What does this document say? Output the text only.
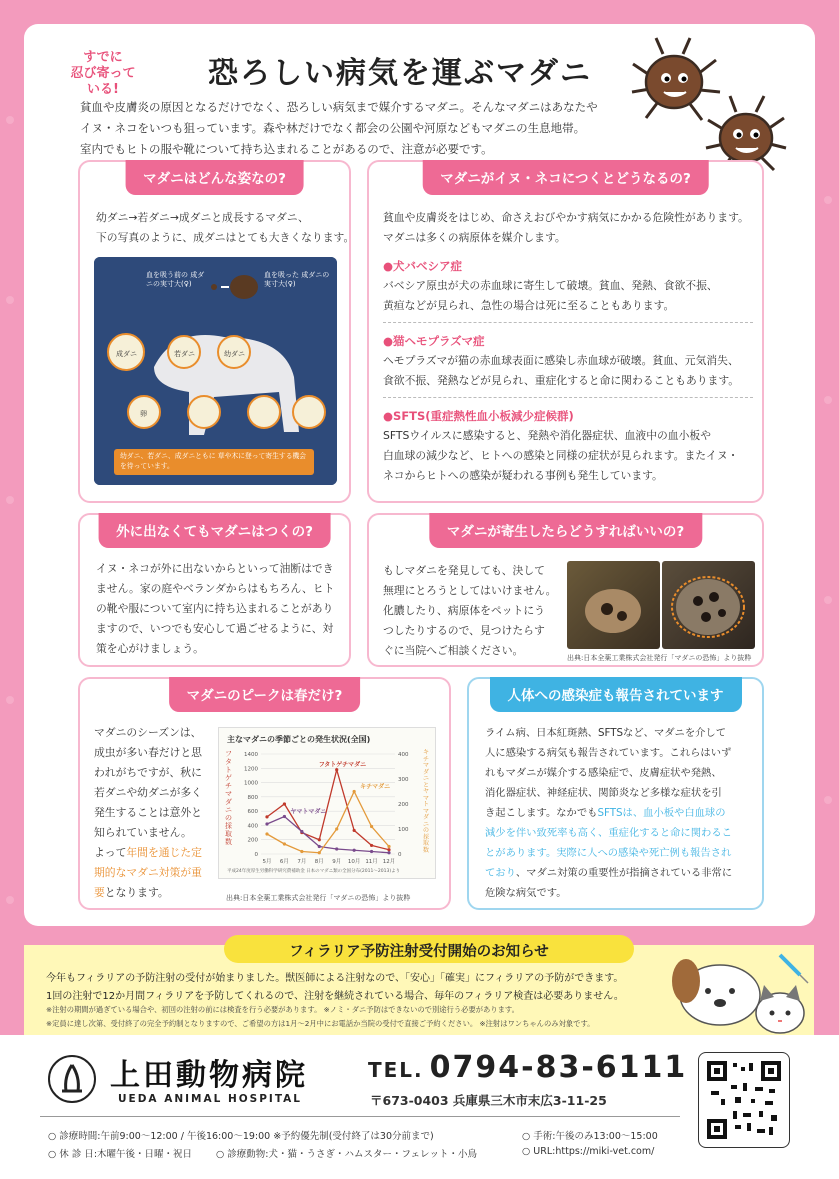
すでに
忍び寄っている!	恐ろしい病気を運ぶマダニ

貧血や皮膚炎の原因となるだけでなく、恐ろしい病気まで媒介するマダニ。そんなマダニはあなたや

イヌ・ネコをいつも狙っています。森や林だけでなく都会の公園や河原などもマダニの生息地帯。

室内でもヒトの服や靴について持ち込まれることがあるので、注意が必要です。

マダニはどんな姿なの?
幼ダニ→若ダニ→成ダニと成長するマダニ、
下の写真のように、成ダニはとても大きくなります。
血を吸う前の 成ダニの実寸大(♀)
血を吸った 成ダニの実寸大(♀)
成ダニ	若ダニ	幼ダニ
卵
幼ダニ、若ダニ、成ダニともに 草や木に登って寄生する機会を待っています。
マダニがイヌ・ネコにつくとどうなるの?
貧血や皮膚炎をはじめ、命さえおびやかす病気にかかる危険性があります。
マダニは多くの病原体を媒介します。
●犬バベシア症
バベシア原虫が犬の赤血球に寄生して破壊。貧血、発熱、食欲不振、
黄疸などが見られ、急性の場合は死に至ることもあります。
●猫ヘモプラズマ症
ヘモプラズマが猫の赤血球表面に感染し赤血球が破壊。貧血、元気消失、
食欲不振、発熱などが見られ、重症化すると命に関わることもあります。
●SFTS(重症熱性血小板減少症候群)
SFTSウイルスに感染すると、発熱や消化器症状、血液中の血小板や
白血球の減少など、ヒトへの感染と同様の症状が見られます。またイヌ・
ネコからヒトへの感染が疑われる事例も発生しています。
外に出なくてもマダニはつくの?
イヌ・ネコが外に出ないからといって油断はでき
ません。家の庭やベランダからはもちろん、ヒト
の靴や服について室内に持ち込まれることがあり
ますので、いつでも安心して過ごせるように、対
策を心がけましょう。
マダニが寄生したらどうすればいいの?
もしマダニを発見しても、決して
無理にとろうとしてはいけません。
化膿したり、病原体をペットにう
つしたりするので、見つけたらす
ぐに当院へご相談ください。
出典:日本全薬工業株式会社発行「マダニの恐怖」より抜粋
マダニのピークは春だけ?
マダニのシーズンは、
成虫が多い春だけと思
われがちですが、秋に
若ダニや幼ダニが多く
発生することは意外と
知られていません。
よって年間を通じた定
期的なマダニ対策が重
要となります。
主なマダニの季節ごとの発生状況(全国)
1400
1200
1000
800
600
400
200
0
400
300
200
100
0
5月 6月 7月 8月 9月 10月 11月 12月
フタトゲチマダニ
ヤマトマダニ
キチマダニ
フタトゲチマダニの採取数
キチマダニとヤマトマダニの採取数
平成24年度厚生労働科学研究費補助金 日本のマダニ類の全国分布(2011〜2013)より
出典:日本全薬工業株式会社発行「マダニの恐怖」より抜粋
人体への感染症も報告されています
ライム病、日本紅斑熱、SFTSなど、マダニを介して
人に感染する病気も報告されています。これらはいず
れもマダニが媒介する感染症で、皮膚症状や発熱、
消化器症状、神経症状、関節炎など多様な症状を引
き起こします。なかでもSFTSは、血小板や白血球の
減少を伴い致死率も高く、重症化すると命に関わるこ
とがあります。実際に人への感染や死亡例も報告され
ており、マダニ対策の重要性が指摘されている非常に
危険な病気です。
フィラリア予防注射受付開始のお知らせ
今年もフィラリアの予防注射の受付が始まりました。獣医師による注射なので、「安心」「確実」にフィラリアの予防ができます。
1回の注射で12か月間フィラリアを予防してくれるので、注射を継続されている場合、毎年のフィラリア検査は必要ありません。
※注射の期間が過ぎている場合や、初回の注射の前には検査を行う必要があります。 ※ノミ・ダニ予防はできないので別途行う必要があります。
※定員に達し次第、受付終了の完全予約制となりますので、ご希望の方は1月〜2月中にお電話か当院の受付で直接ご予約ください。 ※注射はワンちゃんのみ対象です。
上田動物病院
UEDA ANIMAL HOSPITAL
TEL. 0794-83-6111
〒673-0403 兵庫県三木市末広3-11-25
○ 診療時間:午前9:00〜12:00 / 午後16:00〜19:00 ※予約優先制(受付終了は30分前まで)
○ 休 診 日:木曜午後・日曜・祝日	○ 診療動物:犬・猫・うさぎ・ハムスター・フェレット・小鳥
○ 手術:午後のみ13:00〜15:00
○ URL:https://miki-vet.com/
